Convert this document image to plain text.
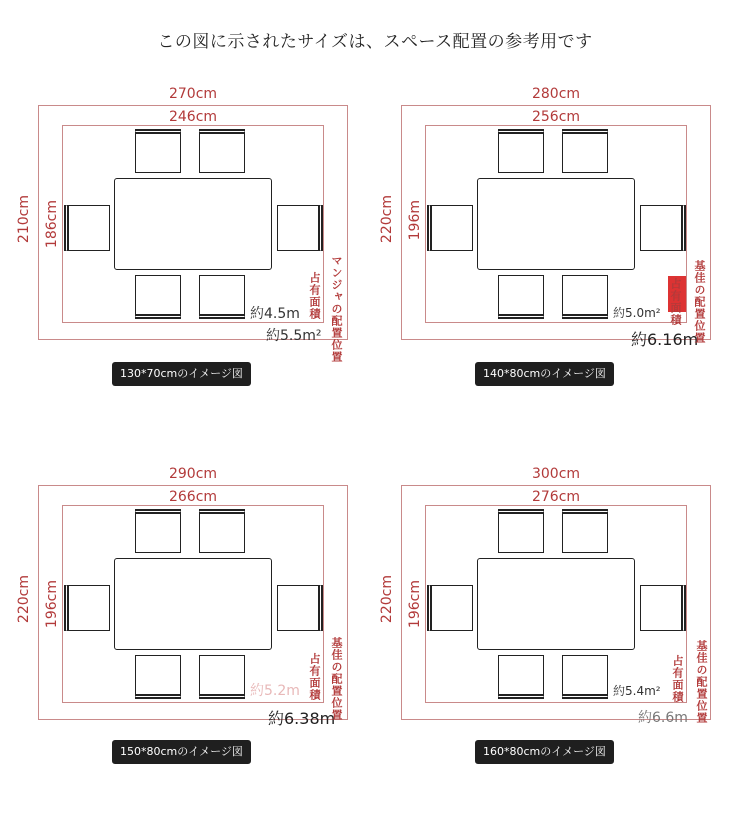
この図に示されたサイズは、スペース配置の参考用です
270cm
246cm
210cm 186cm
約4.5m
約5.5m²
占有面積 マンジャの配置位置
130*70cmのイメージ図
280cm
256cm
220cm 196m
約5.0m²
約6.16m
占有面積 基佳の配置位置
140*80cmのイメージ図
290cm
266cm
220cm 196cm
約5.2m
約6.38m
占有面積 基佳の配置位置
150*80cmのイメージ図
300cm
276cm
220cm 196cm
約5.4m²
約6.6m
占有面積 基佳の配置位置
160*80cmのイメージ図
